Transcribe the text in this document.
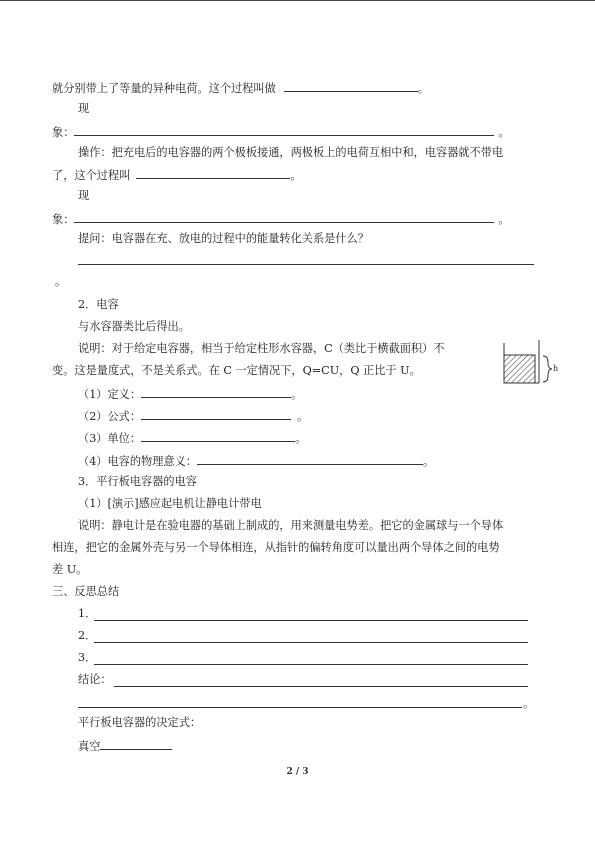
就分别带上了等量的异种电荷。这个过程叫做	。
现
象：	。
操作：把充电后的电容器的两个极板接通，两极板上的电荷互相中和，电容器就不带电
了，这个过程叫	。
现
象：	。
提问：电容器在充、放电的过程中的能量转化关系是什么？
。
2．电容
与水容器类比后得出。
说明：对于给定电容器，相当于给定柱形水容器，C（类比于横截面积）不
变。这是量度式，不是关系式。在 C 一定情况下，Q=CU，Q 正比于 U。	h
（1）定义：	。
（2）公式：	。
（3）单位：	。
（4）电容的物理意义：	。
3．平行板电容器的电容
（1）[演示]感应起电机让静电计带电
说明：静电计是在验电器的基础上制成的，用来测量电势差。把它的金属球与一个导体
相连，把它的金属外壳与另一个导体相连，从指针的偏转角度可以量出两个导体之间的电势
差 U。
三、反思总结
1．
2．
3．
结论：
。
平行板电容器的决定式：
真空
2 / 3
